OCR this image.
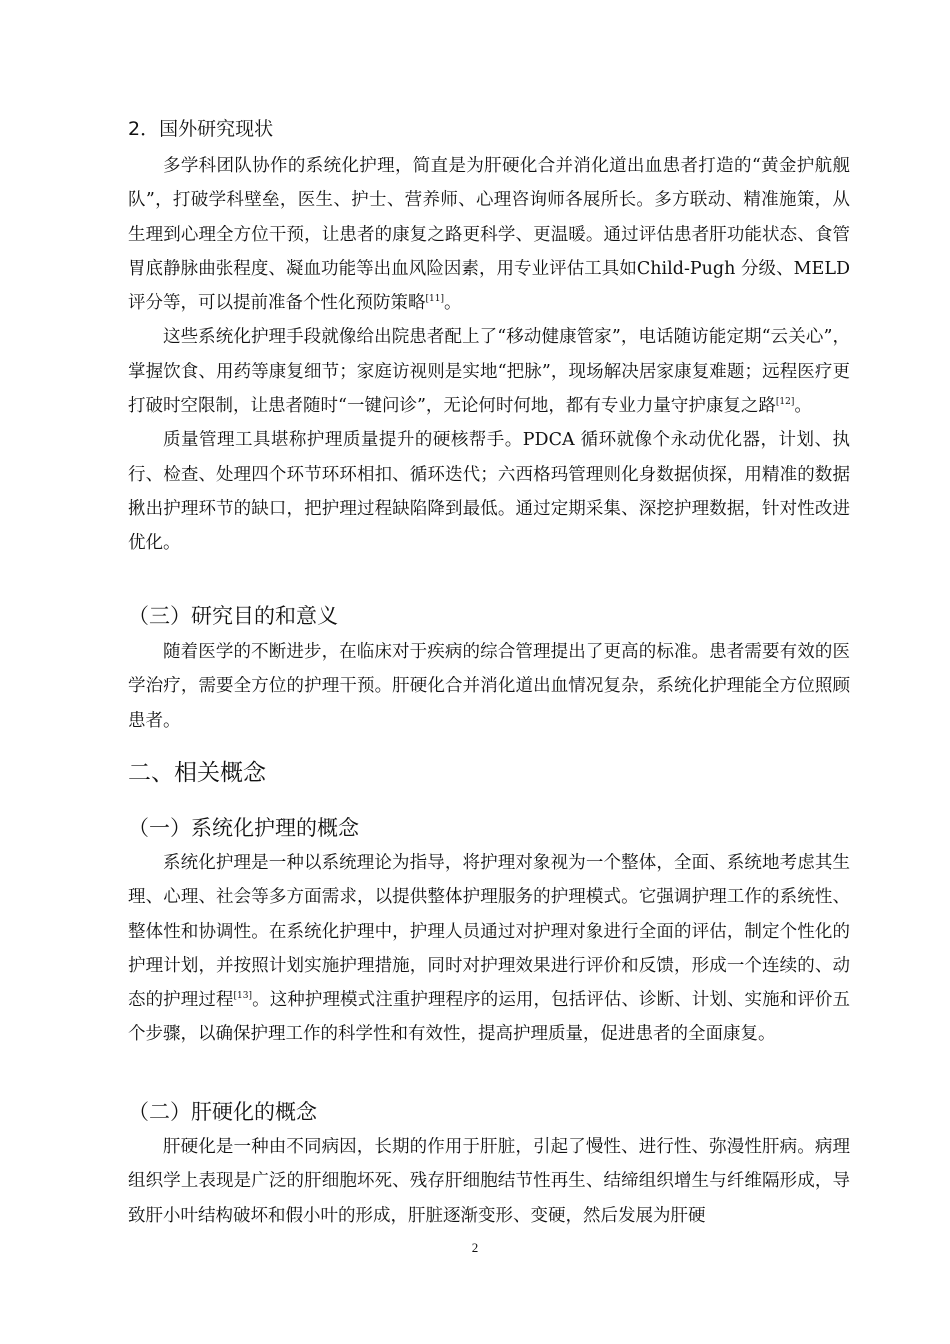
2．国外研究现状

多学科团队协作的系统化护理，简直是为肝硬化合并消化道出血患者打造的“黄金护航舰队”，打破学科壁垒，医生、护士、营养师、心理咨询师各展所长。多方联动、精准施策，从生理到心理全方位干预，让患者的康复之路更科学、更温暖。通过评估患者肝功能状态、食管胃底静脉曲张程度、凝血功能等出血风险因素，用专业评估工具如Child-Pugh 分级、MELD 评分等，可以提前准备个性化预防策略[11]。

这些系统化护理手段就像给出院患者配上了“移动健康管家”，电话随访能定期“云关心”，掌握饮食、用药等康复细节；家庭访视则是实地“把脉”，现场解决居家康复难题；远程医疗更打破时空限制，让患者随时“一键问诊”，无论何时何地，都有专业力量守护康复之路[12]。

质量管理工具堪称护理质量提升的硬核帮手。PDCA 循环就像个永动优化器，计划、执行、检查、处理四个环节环环相扣、循环迭代；六西格玛管理则化身数据侦探，用精准的数据揪出护理环节的缺口，把护理过程缺陷降到最低。通过定期采集、深挖护理数据，针对性改进优化。

（三）研究目的和意义

随着医学的不断进步，在临床对于疾病的综合管理提出了更高的标准。患者需要有效的医学治疗，需要全方位的护理干预。肝硬化合并消化道出血情况复杂，系统化护理能全方位照顾患者。

二、相关概念
（一）系统化护理的概念

系统化护理是一种以系统理论为指导，将护理对象视为一个整体，全面、系统地考虑其生理、心理、社会等多方面需求，以提供整体护理服务的护理模式。它强调护理工作的系统性、整体性和协调性。在系统化护理中，护理人员通过对护理对象进行全面的评估，制定个性化的护理计划，并按照计划实施护理措施，同时对护理效果进行评价和反馈，形成一个连续的、动态的护理过程[13]。这种护理模式注重护理程序的运用，包括评估、诊断、计划、实施和评价五个步骤，以确保护理工作的科学性和有效性，提高护理质量，促进患者的全面康复。

（二）肝硬化的概念

肝硬化是一种由不同病因，长期的作用于肝脏，引起了慢性、进行性、弥漫性肝病。病理组织学上表现是广泛的肝细胞坏死、残存肝细胞结节性再生、结缔组织增生与纤维隔形成，导致肝小叶结构破坏和假小叶的形成，肝脏逐渐变形、变硬，然后发展为肝硬

2
